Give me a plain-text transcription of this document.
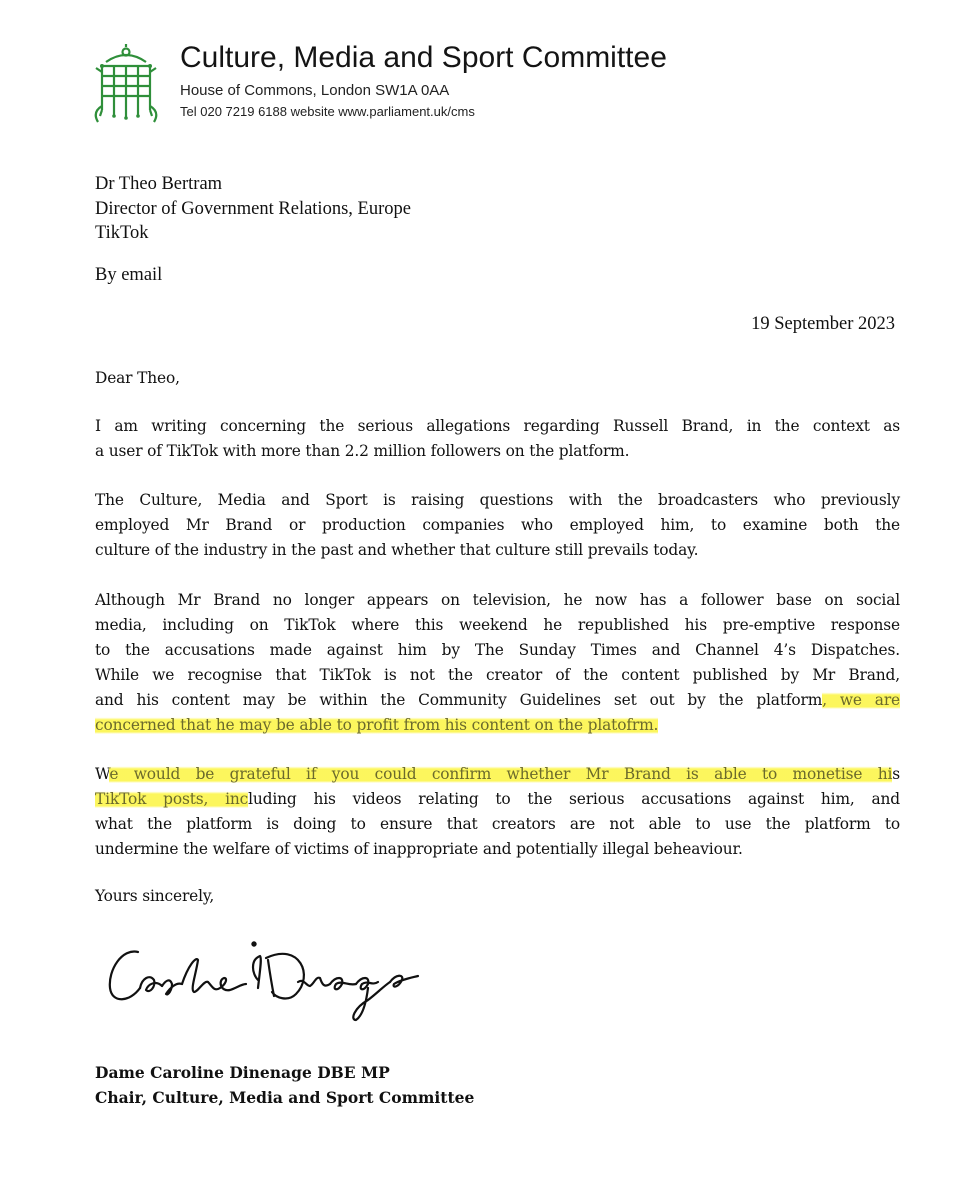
Culture, Media and Sport Committee
House of Commons, London SW1A 0AA
Tel 020 7219 6188 website www.parliament.uk/cms
Dr Theo Bertram
Director of Government Relations, Europe
TikTok
By email
19 September 2023
Dear Theo,
I am writing concerning the serious allegations regarding Russell Brand, in the context as
a user of TikTok with more than 2.2 million followers on the platform.
The Culture, Media and Sport is raising questions with the broadcasters who previously
employed Mr Brand or production companies who employed him, to examine both the
culture of the industry in the past and whether that culture still prevails today.
Although Mr Brand no longer appears on television, he now has a follower base on social
media, including on TikTok where this weekend he republished his pre-emptive response
to the accusations made against him by The Sunday Times and Channel 4’s Dispatches.
While we recognise that TikTok is not the creator of the content published by Mr Brand,
and his content may be within the Community Guidelines set out by the platform, we are
concerned that he may be able to profit from his content on the platofrm.
We would be grateful if you could confirm whether Mr Brand is able to monetise his
TikTok posts, including his videos relating to the serious accusations against him, and
what the platform is doing to ensure that creators are not able to use the platform to
undermine the welfare of victims of inappropriate and potentially illegal beheaviour.
Yours sincerely,
Dame Caroline Dinenage DBE MP
Chair, Culture, Media and Sport Committee
